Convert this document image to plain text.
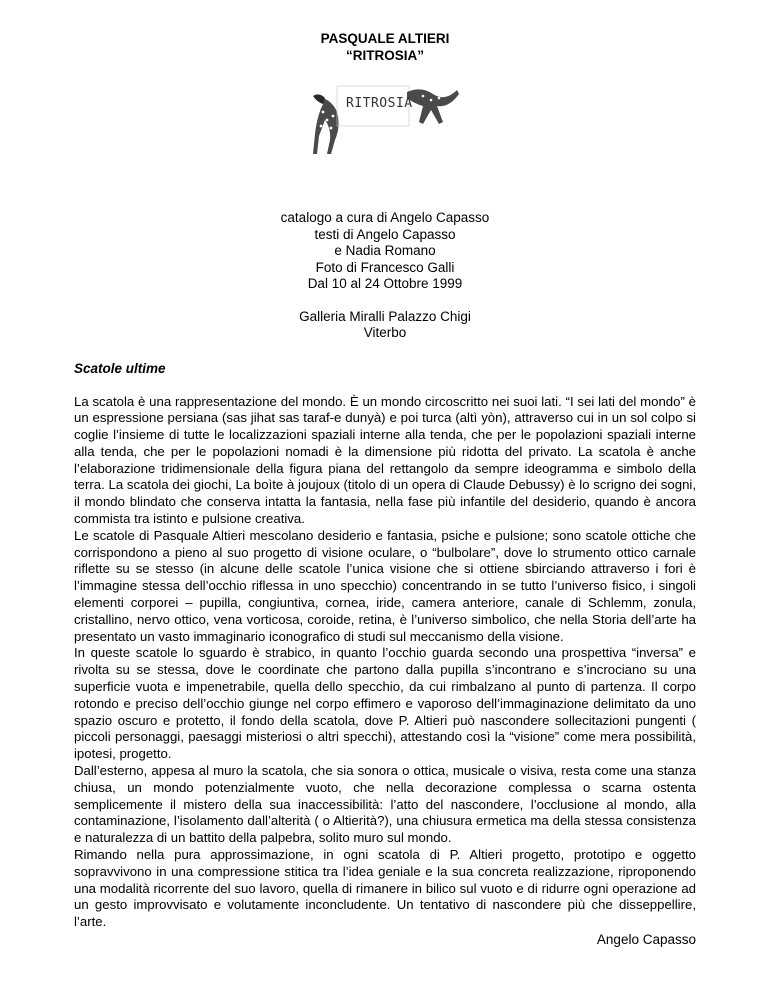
PASQUALE ALTIERI
“RITROSIA”
RITROSIA
catalogo a cura di Angelo Capasso
testi di Angelo Capasso
e Nadia Romano
Foto di Francesco Galli
Dal 10 al 24 Ottobre 1999
Galleria Miralli Palazzo Chigi
Viterbo
Scatole ultime

La scatola è una rappresentazione del mondo. È un mondo circoscritto nei suoi lati. “I sei lati del mondo” è un espressione persiana (sas jihat sas taraf-e dunyà) e poi turca (altì yòn), attraverso cui in un sol colpo si coglie l’insieme di tutte le localizzazioni spaziali interne alla tenda, che per le popolazioni spaziali interne alla tenda, che per le popolazioni nomadi è la dimensione più ridotta del privato. La scatola è anche l’elaborazione tridimensionale della figura piana del rettangolo da sempre ideogramma e simbolo della terra. La scatola dei giochi, La boìte à joujoux (titolo di un opera di Claude Debussy) è lo scrigno dei sogni, il mondo blindato che conserva intatta la fantasia, nella fase più infantile del desiderio, quando è ancora commista tra istinto e pulsione creativa.

Le scatole di Pasquale Altieri mescolano desiderio e fantasia, psiche e pulsione; sono scatole ottiche che corrispondono a pieno al suo progetto di visione oculare, o “bulbolare”, dove lo strumento ottico carnale riflette su se stesso (in alcune delle scatole l’unica visione che si ottiene sbirciando attraverso i fori è l’immagine stessa dell’occhio riflessa in uno specchio) concentrando in se tutto l’universo fisico, i singoli elementi corporei – pupilla, congiuntiva, cornea, iride, camera anteriore, canale di Schlemm, zonula, cristallino, nervo ottico, vena vorticosa, coroide, retina, è l’universo simbolico, che nella Storia dell’arte ha presentato un vasto immaginario iconografico di studi sul meccanismo della visione.

In queste scatole lo sguardo è strabico, in quanto l’occhio guarda secondo una prospettiva “inversa” e rivolta su se stessa, dove le coordinate che partono dalla pupilla s’incontrano e s’incrociano su una superficie vuota e impenetrabile, quella dello specchio, da cui rimbalzano al punto di partenza. Il corpo rotondo e preciso dell’occhio giunge nel corpo effimero e vaporoso dell’immaginazione delimitato da uno spazio oscuro e protetto, il fondo della scatola, dove P. Altieri può nascondere sollecitazioni pungenti ( piccoli personaggi, paesaggi misteriosi o altri specchi), attestando così la “visione” come mera possibilità, ipotesi, progetto.

Dall’esterno, appesa al muro la scatola, che sia sonora o ottica, musicale o visiva, resta come una stanza chiusa, un mondo potenzialmente vuoto, che nella decorazione complessa o scarna ostenta semplicemente il mistero della sua inaccessibilità: l’atto del nascondere, l’occlusione al mondo, alla contaminazione, l’isolamento dall’alterità ( o Altierità?), una chiusura ermetica ma della stessa consistenza e naturalezza di un battito della palpebra, solito muro sul mondo.

Rimando nella pura approssimazione, in ogni scatola di P. Altieri progetto, prototipo e oggetto sopravvivono in una compressione stitica tra l’idea geniale e la sua concreta realizzazione, riproponendo una modalità ricorrente del suo lavoro, quella di rimanere in bilico sul vuoto e di ridurre ogni operazione ad un gesto improvvisato e volutamente inconcludente. Un tentativo di nascondere più che disseppellire, l’arte.

Angelo Capasso
